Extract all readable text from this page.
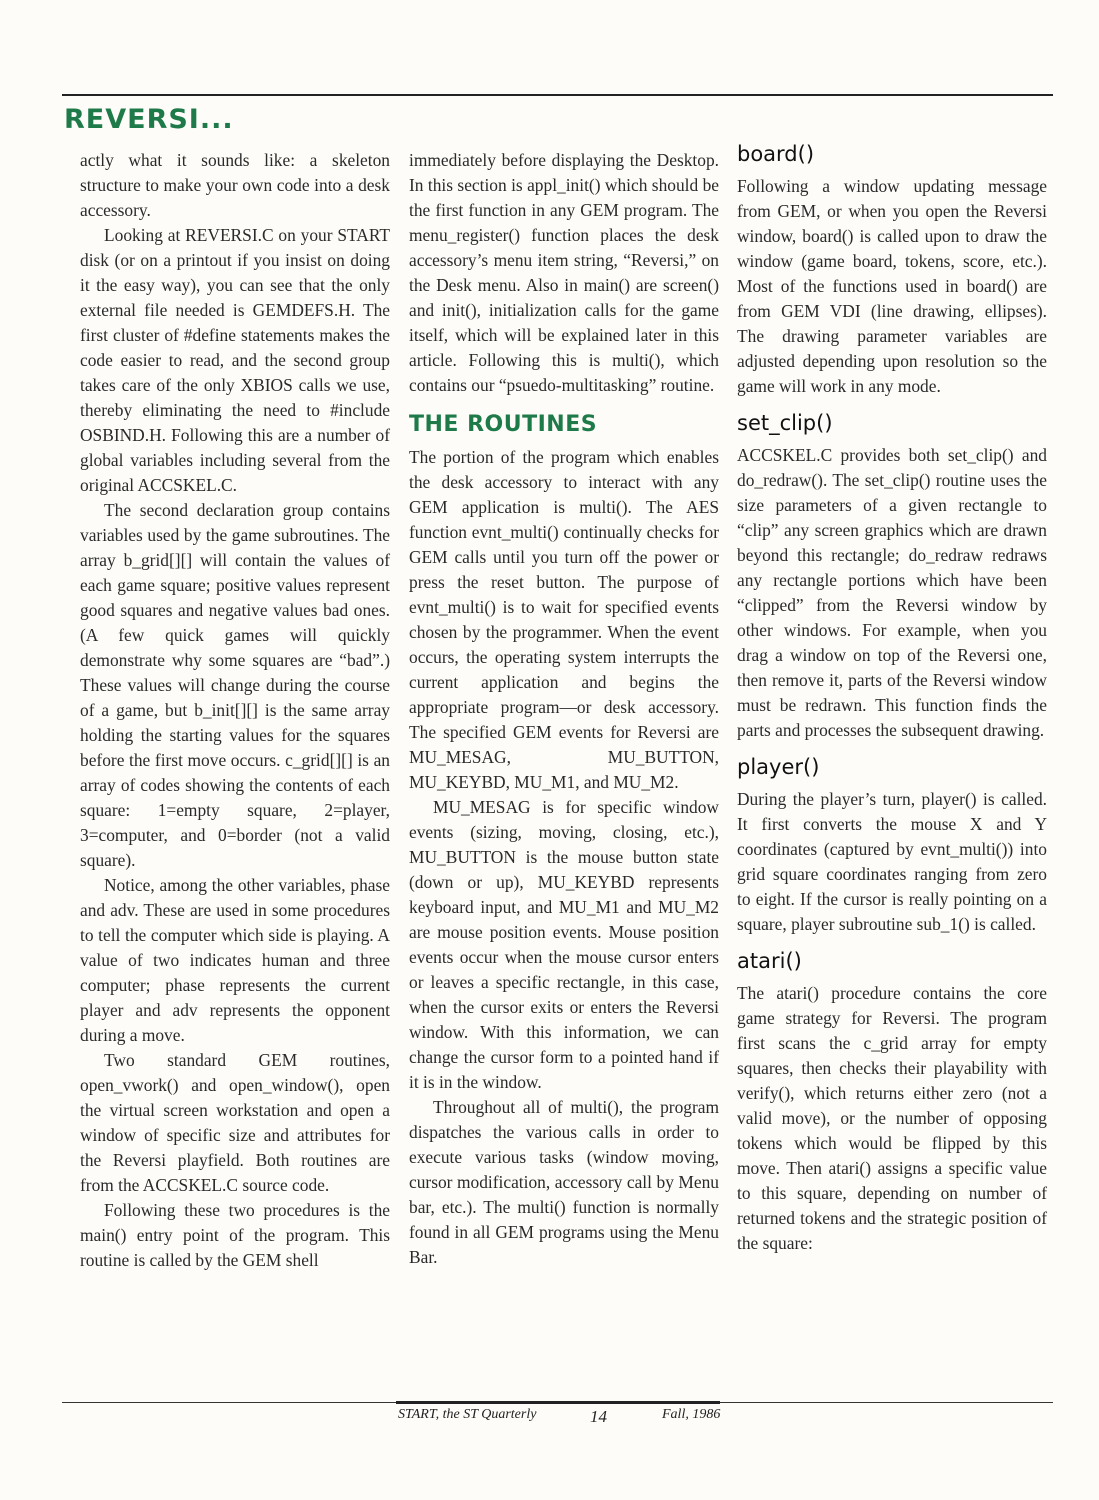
REVERSI...

actly what it sounds like: a skeleton structure to make your own code into a desk accessory.

Looking at REVERSI.C on your START disk (or on a printout if you insist on doing it the easy way), you can see that the only external file needed is GEMDEFS.H. The first cluster of #define statements makes the code easier to read, and the second group takes care of the only XBIOS calls we use, thereby eliminating the need to #include OSBIND.H. Following this are a number of global variables including several from the original ACCSKEL.C.

The second declaration group contains variables used by the game subroutines. The array b_grid[][] will contain the values of each game square; positive values represent good squares and negative values bad ones. (A few quick games will quickly demonstrate why some squares are “bad”.) These values will change during the course of a game, but b_init[][] is the same array holding the starting values for the squares before the first move occurs. c_grid[][] is an array of codes showing the contents of each square: 1=empty square, 2=player, 3=computer, and 0=border (not a valid square).

Notice, among the other variables, phase and adv. These are used in some procedures to tell the computer which side is playing. A value of two indicates human and three computer; phase represents the current player and adv represents the opponent during a move.

Two standard GEM routines, open_vwork() and open_window(), open the virtual screen workstation and open a window of specific size and attributes for the Reversi playfield. Both routines are from the ACCSKEL.C source code.

Following these two procedures is the main() entry point of the program. This routine is called by the GEM shell

immediately before displaying the Desktop. In this section is appl_init() which should be the first function in any GEM program. The menu_register() function places the desk accessory’s menu item string, “Reversi,” on the Desk menu. Also in main() are screen() and init(), initialization calls for the game itself, which will be explained later in this article. Following this is multi(), which contains our “psuedo-multitasking” routine.

THE ROUTINES

The portion of the program which enables the desk accessory to interact with any GEM application is multi(). The AES function evnt_multi() continually checks for GEM calls until you turn off the power or press the reset button. The purpose of evnt_multi() is to wait for specified events chosen by the programmer. When the event occurs, the operating system interrupts the current application and begins the appropriate program—or desk accessory. The specified GEM events for Reversi are MU_MESAG, MU_BUTTON, MU_KEYBD, MU_M1, and MU_M2.

MU_MESAG is for specific window events (sizing, moving, closing, etc.), MU_BUTTON is the mouse button state (down or up), MU_KEYBD represents keyboard input, and MU_M1 and MU_M2 are mouse position events. Mouse position events occur when the mouse cursor enters or leaves a specific rectangle, in this case, when the cursor exits or enters the Reversi window. With this information, we can change the cursor form to a pointed hand if it is in the window.

Throughout all of multi(), the program dispatches the various calls in order to execute various tasks (window moving, cursor modification, accessory call by Menu bar, etc.). The multi() function is normally found in all GEM programs using the Menu Bar.

board()

Following a window updating message from GEM, or when you open the Reversi window, board() is called upon to draw the window (game board, tokens, score, etc.). Most of the functions used in board() are from GEM VDI (line drawing, ellipses). The drawing parameter variables are adjusted depending upon resolution so the game will work in any mode.

set_clip()

ACCSKEL.C provides both set_clip() and do_redraw(). The set_clip() routine uses the size parameters of a given rectangle to “clip” any screen graphics which are drawn beyond this rectangle; do_redraw redraws any rectangle portions which have been “clipped” from the Reversi window by other windows. For example, when you drag a window on top of the Reversi one, then remove it, parts of the Reversi window must be redrawn. This function finds the parts and processes the subsequent drawing.

player()

During the player’s turn, player() is called. It first converts the mouse X and Y coordinates (captured by evnt_multi()) into grid square coordinates ranging from zero to eight. If the cursor is really pointing on a square, player subroutine sub_1() is called.

atari()

The atari() procedure contains the core game strategy for Reversi. The program first scans the c_grid array for empty squares, then checks their playability with verify(), which returns either zero (not a valid move), or the number of opposing tokens which would be flipped by this move. Then atari() assigns a specific value to this square, depending on number of returned tokens and the strategic position of the square:

START, the ST Quarterly	14	Fall, 1986
